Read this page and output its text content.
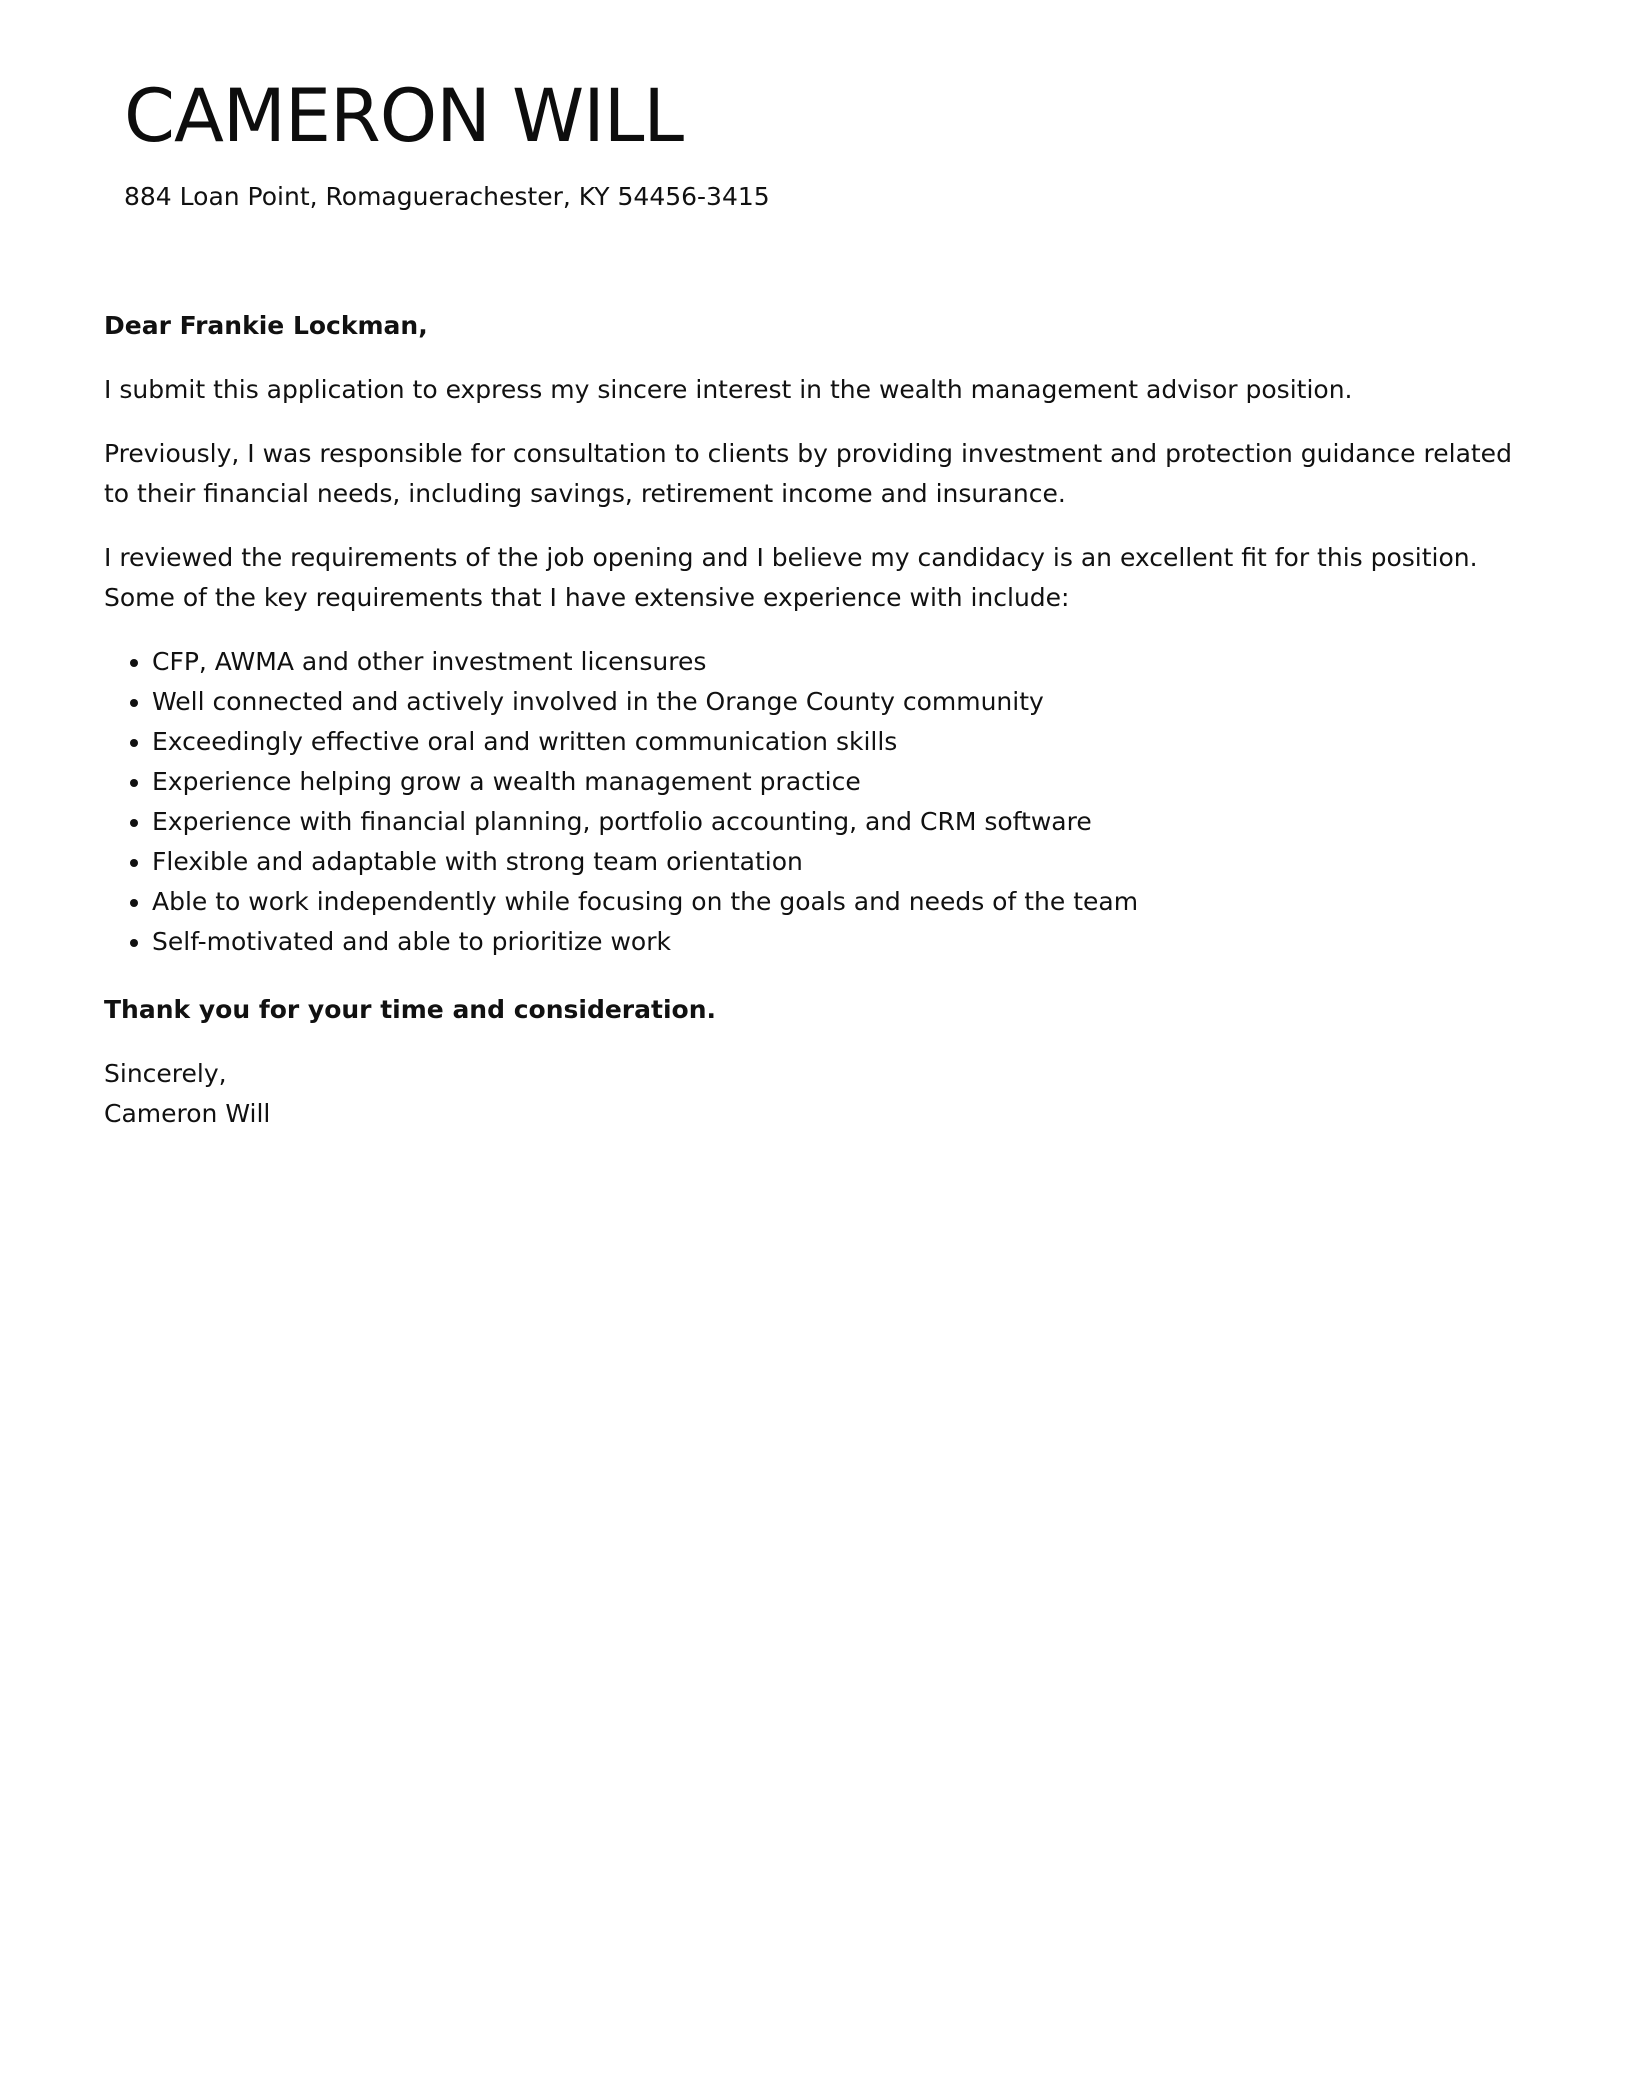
CAMERON WILL
884 Loan Point, Romaguerachester, KY 54456-3415

Dear Frankie Lockman,

I submit this application to express my sincere interest in the wealth management advisor position.

Previously, I was responsible for consultation to clients by providing investment and protection guidance related to their financial needs, including savings, retirement income and insurance.

I reviewed the requirements of the job opening and I believe my candidacy is an excellent fit for this position. Some of the key requirements that I have extensive experience with include:

• CFP, AWMA and other investment licensures
• Well connected and actively involved in the Orange County community
• Exceedingly effective oral and written communication skills
• Experience helping grow a wealth management practice
• Experience with financial planning, portfolio accounting, and CRM software
• Flexible and adaptable with strong team orientation
• Able to work independently while focusing on the goals and needs of the team
• Self-motivated and able to prioritize work

Thank you for your time and consideration.

Sincerely,
Cameron Will
